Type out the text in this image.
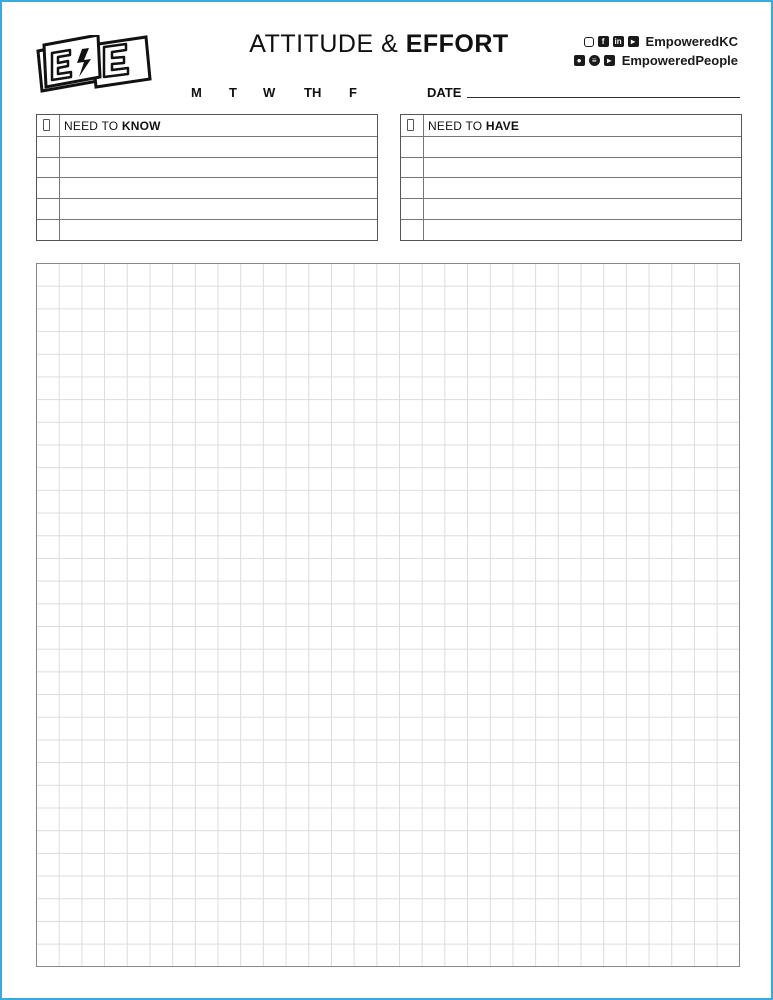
ATTITUDE & EFFORT	f	in	▸ EmpoweredKC
●	≡	▸ EmpoweredPeople
M T W TH F	DATE
NEED TO KNOW	NEED TO HAVE
